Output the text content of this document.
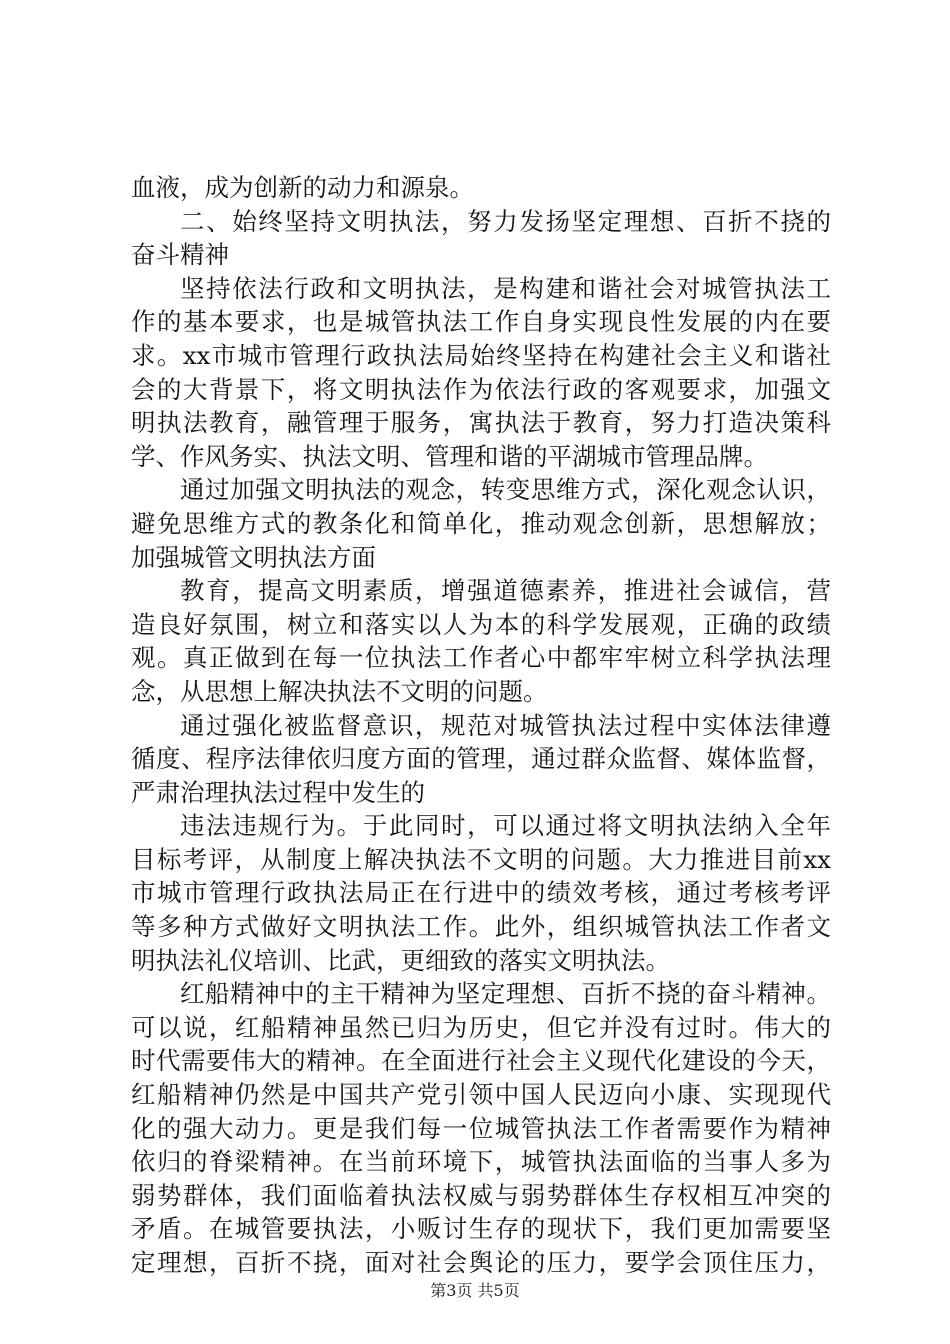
血液，成为创新的动力和源泉。
二、始终坚持文明执法，努力发扬坚定理想、百折不挠的
奋斗精神
坚持依法行政和文明执法，是构建和谐社会对城管执法工
作的基本要求，也是城管执法工作自身实现良性发展的内在要
求。xx市城市管理行政执法局始终坚持在构建社会主义和谐社
会的大背景下，将文明执法作为依法行政的客观要求，加强文
明执法教育，融管理于服务，寓执法于教育，努力打造决策科
学、作风务实、执法文明、管理和谐的平湖城市管理品牌。
通过加强文明执法的观念，转变思维方式，深化观念认识，
避免思维方式的教条化和简单化，推动观念创新，思想解放；
加强城管文明执法方面
教育，提高文明素质，增强道德素养，推进社会诚信，营
造良好氛围，树立和落实以人为本的科学发展观，正确的政绩
观。真正做到在每一位执法工作者心中都牢牢树立科学执法理
念，从思想上解决执法不文明的问题。
通过强化被监督意识，规范对城管执法过程中实体法律遵
循度、程序法律依归度方面的管理，通过群众监督、媒体监督，
严肃治理执法过程中发生的
违法违规行为。于此同时，可以通过将文明执法纳入全年
目标考评，从制度上解决执法不文明的问题。大力推进目前xx
市城市管理行政执法局正在行进中的绩效考核，通过考核考评
等多种方式做好文明执法工作。此外，组织城管执法工作者文
明执法礼仪培训、比武，更细致的落实文明执法。
红船精神中的主干精神为坚定理想、百折不挠的奋斗精神。
可以说，红船精神虽然已归为历史，但它并没有过时。伟大的
时代需要伟大的精神。在全面进行社会主义现代化建设的今天，
红船精神仍然是中国共产党引领中国人民迈向小康、实现现代
化的强大动力。更是我们每一位城管执法工作者需要作为精神
依归的脊梁精神。在当前环境下，城管执法面临的当事人多为
弱势群体，我们面临着执法权威与弱势群体生存权相互冲突的
矛盾。在城管要执法，小贩讨生存的现状下，我们更加需要坚
定理想，百折不挠，面对社会舆论的压力，要学会顶住压力，
第3页 共5页
